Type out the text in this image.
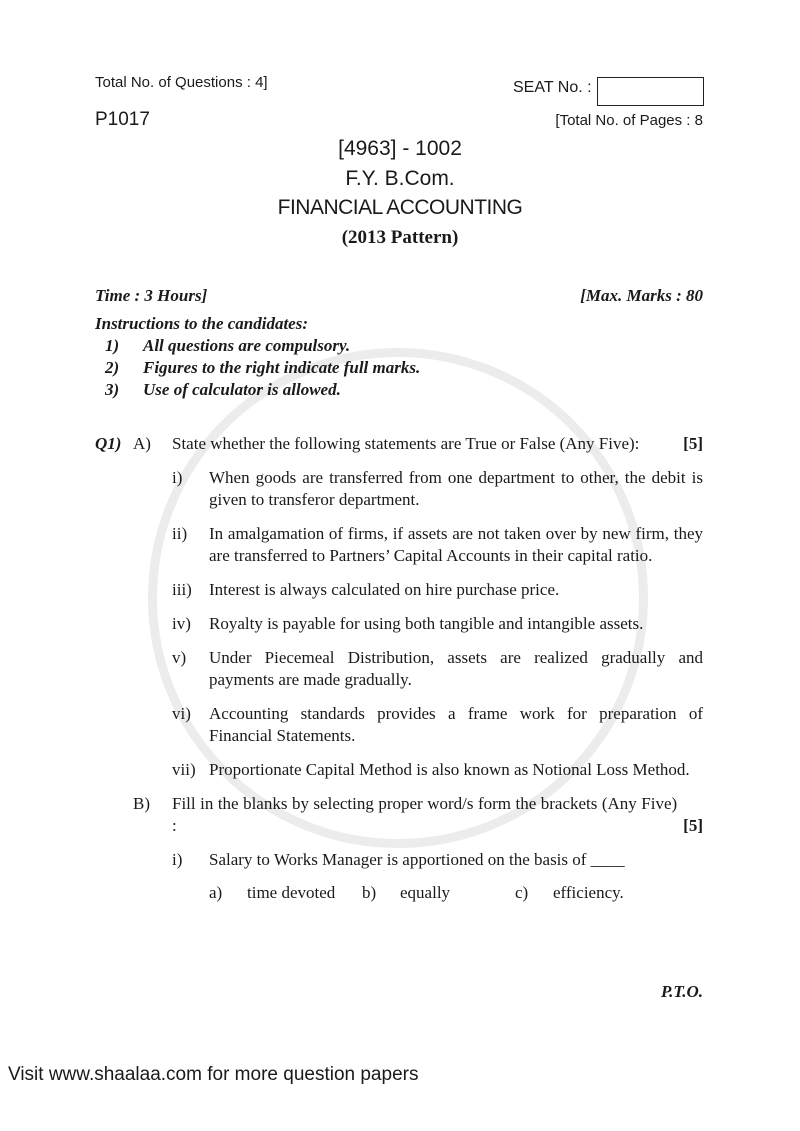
Total No. of Questions : 4]	SEAT No. :
P1017	[Total No. of Pages : 8
[4963] - 1002
F.Y. B.Com.
FINANCIAL ACCOUNTING
(2013 Pattern)
Time : 3 Hours]	[Max. Marks : 80
Instructions to the candidates:
1)	All questions are compulsory.
2)	Figures to the right indicate full marks.
3)	Use of calculator is allowed.
Q1) A)	State whether the following statements are True or False (Any Five):	[5]
i)	When goods are transferred from one department to other, the debit is given to transferor department.
ii)	In amalgamation of firms, if assets are not taken over by new firm, they are transferred to Partners’ Capital Accounts in their capital ratio.
iii)	Interest is always calculated on hire purchase price.
iv)	Royalty is payable for using both tangible and intangible assets.
v)	Under Piecemeal Distribution, assets are realized gradually and payments are made gradually.
vi)	Accounting standards provides a frame work for preparation of Financial Statements.
vii) Proportionate Capital Method is also known as Notional Loss Method.
B)	Fill in the blanks by selecting proper word/s form the brackets (Any Five) :	[5]
i)	Salary to Works Manager is apportioned on the basis of ____
a)	time devoted	b)	equally	c)	efficiency.
P.T.O.
Visit www.shaalaa.com for more question papers
